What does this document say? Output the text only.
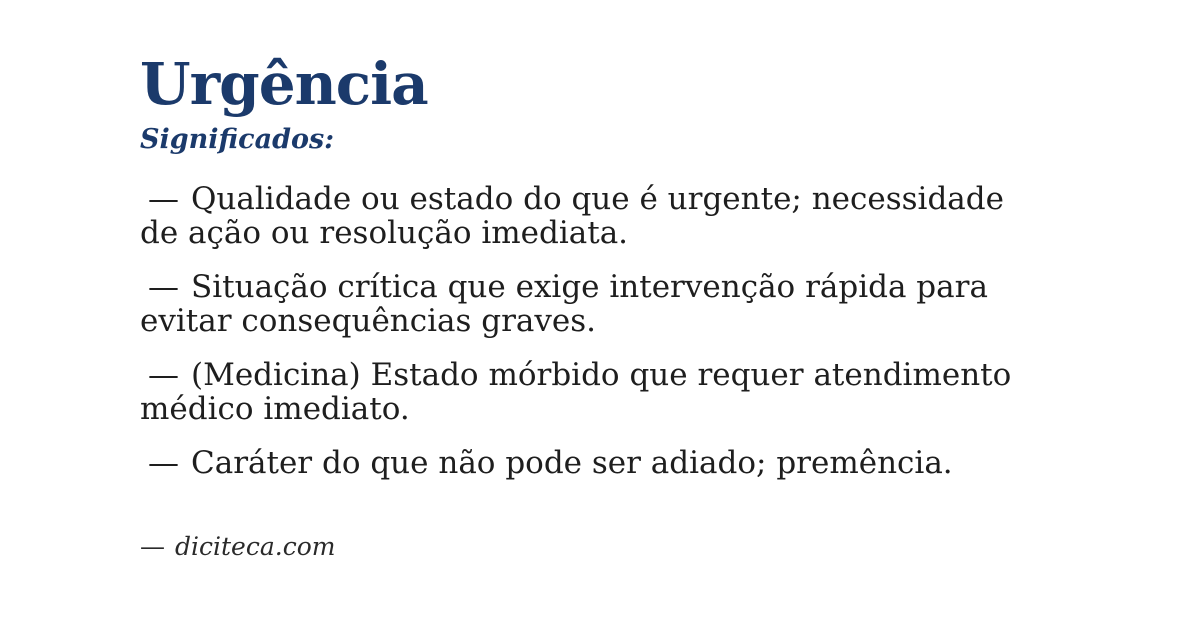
Urgência

Significados:

— Qualidade ou estado do que é urgente; necessidade de ação ou resolução imediata.

— Situação crítica que exige intervenção rápida para evitar consequências graves.

— (Medicina) Estado mórbido que requer atendimento médico imediato.

— Caráter do que não pode ser adiado; premência.

— diciteca.com
